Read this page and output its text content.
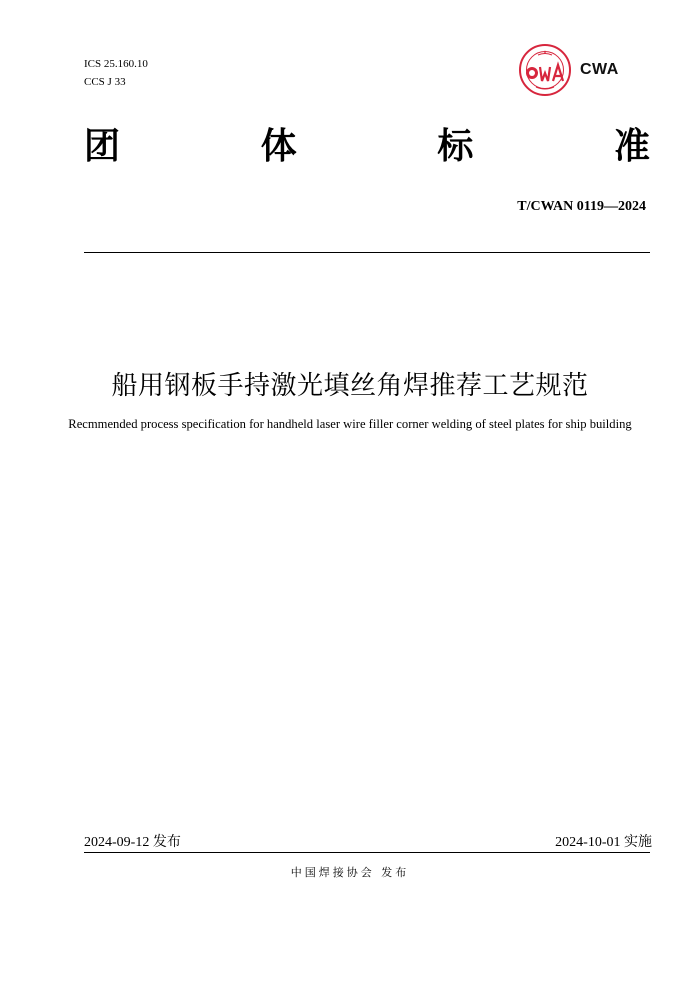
ICS 25.160.10
CCS J 33
CWA
团	体	标	准
T/CWAN 0119—2024
船用钢板手持激光填丝角焊推荐工艺规范
Recmmended process specification for handheld laser wire filler corner welding of steel plates for ship building
2024-09-12 发布	2024-10-01 实施
中国焊接协会 发布
